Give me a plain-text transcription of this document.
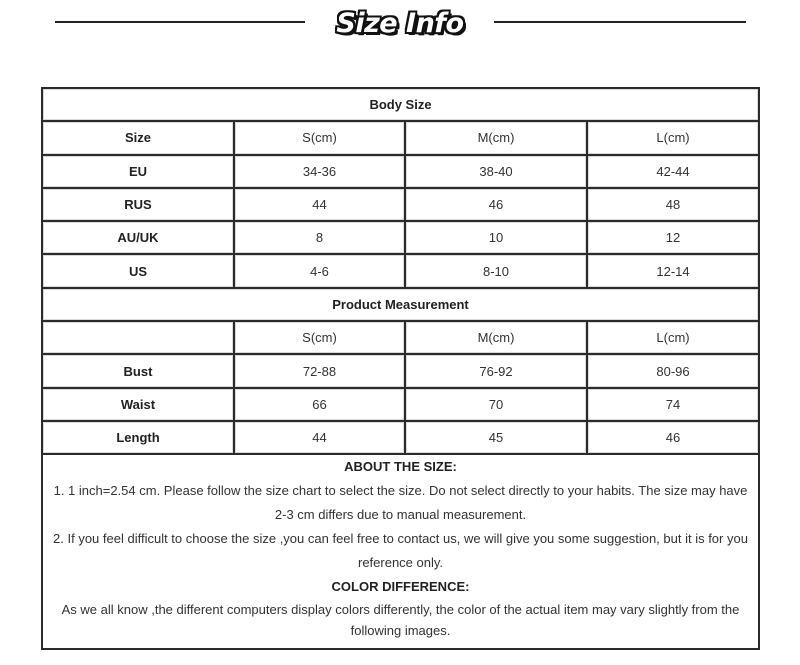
Size Info
Body Size			
Size	S(cm)	M(cm)	L(cm)
EU	34-36	38-40	42-44
RUS	44	46	48
AU/UK	8	10	12
US	4-6	8-10	12-14
Product Measurement			
	S(cm)	M(cm)	L(cm)
Bust	72-88	76-92	80-96
Waist	66	70	74
Length	44	45	46
ABOUT THE SIZE:
1. 1 inch=2.54 cm. Please follow the size chart to select the size. Do not select directly to your habits. The size may have 2-3 cm differs due to manual measurement.
2. If you feel difficult to choose the size ,you can feel free to contact us, we will give you some suggestion, but it is for you reference only.
COLOR DIFFERENCE:
As we all know ,the different computers display colors differently, the color of the actual item may vary slightly from the following images.
